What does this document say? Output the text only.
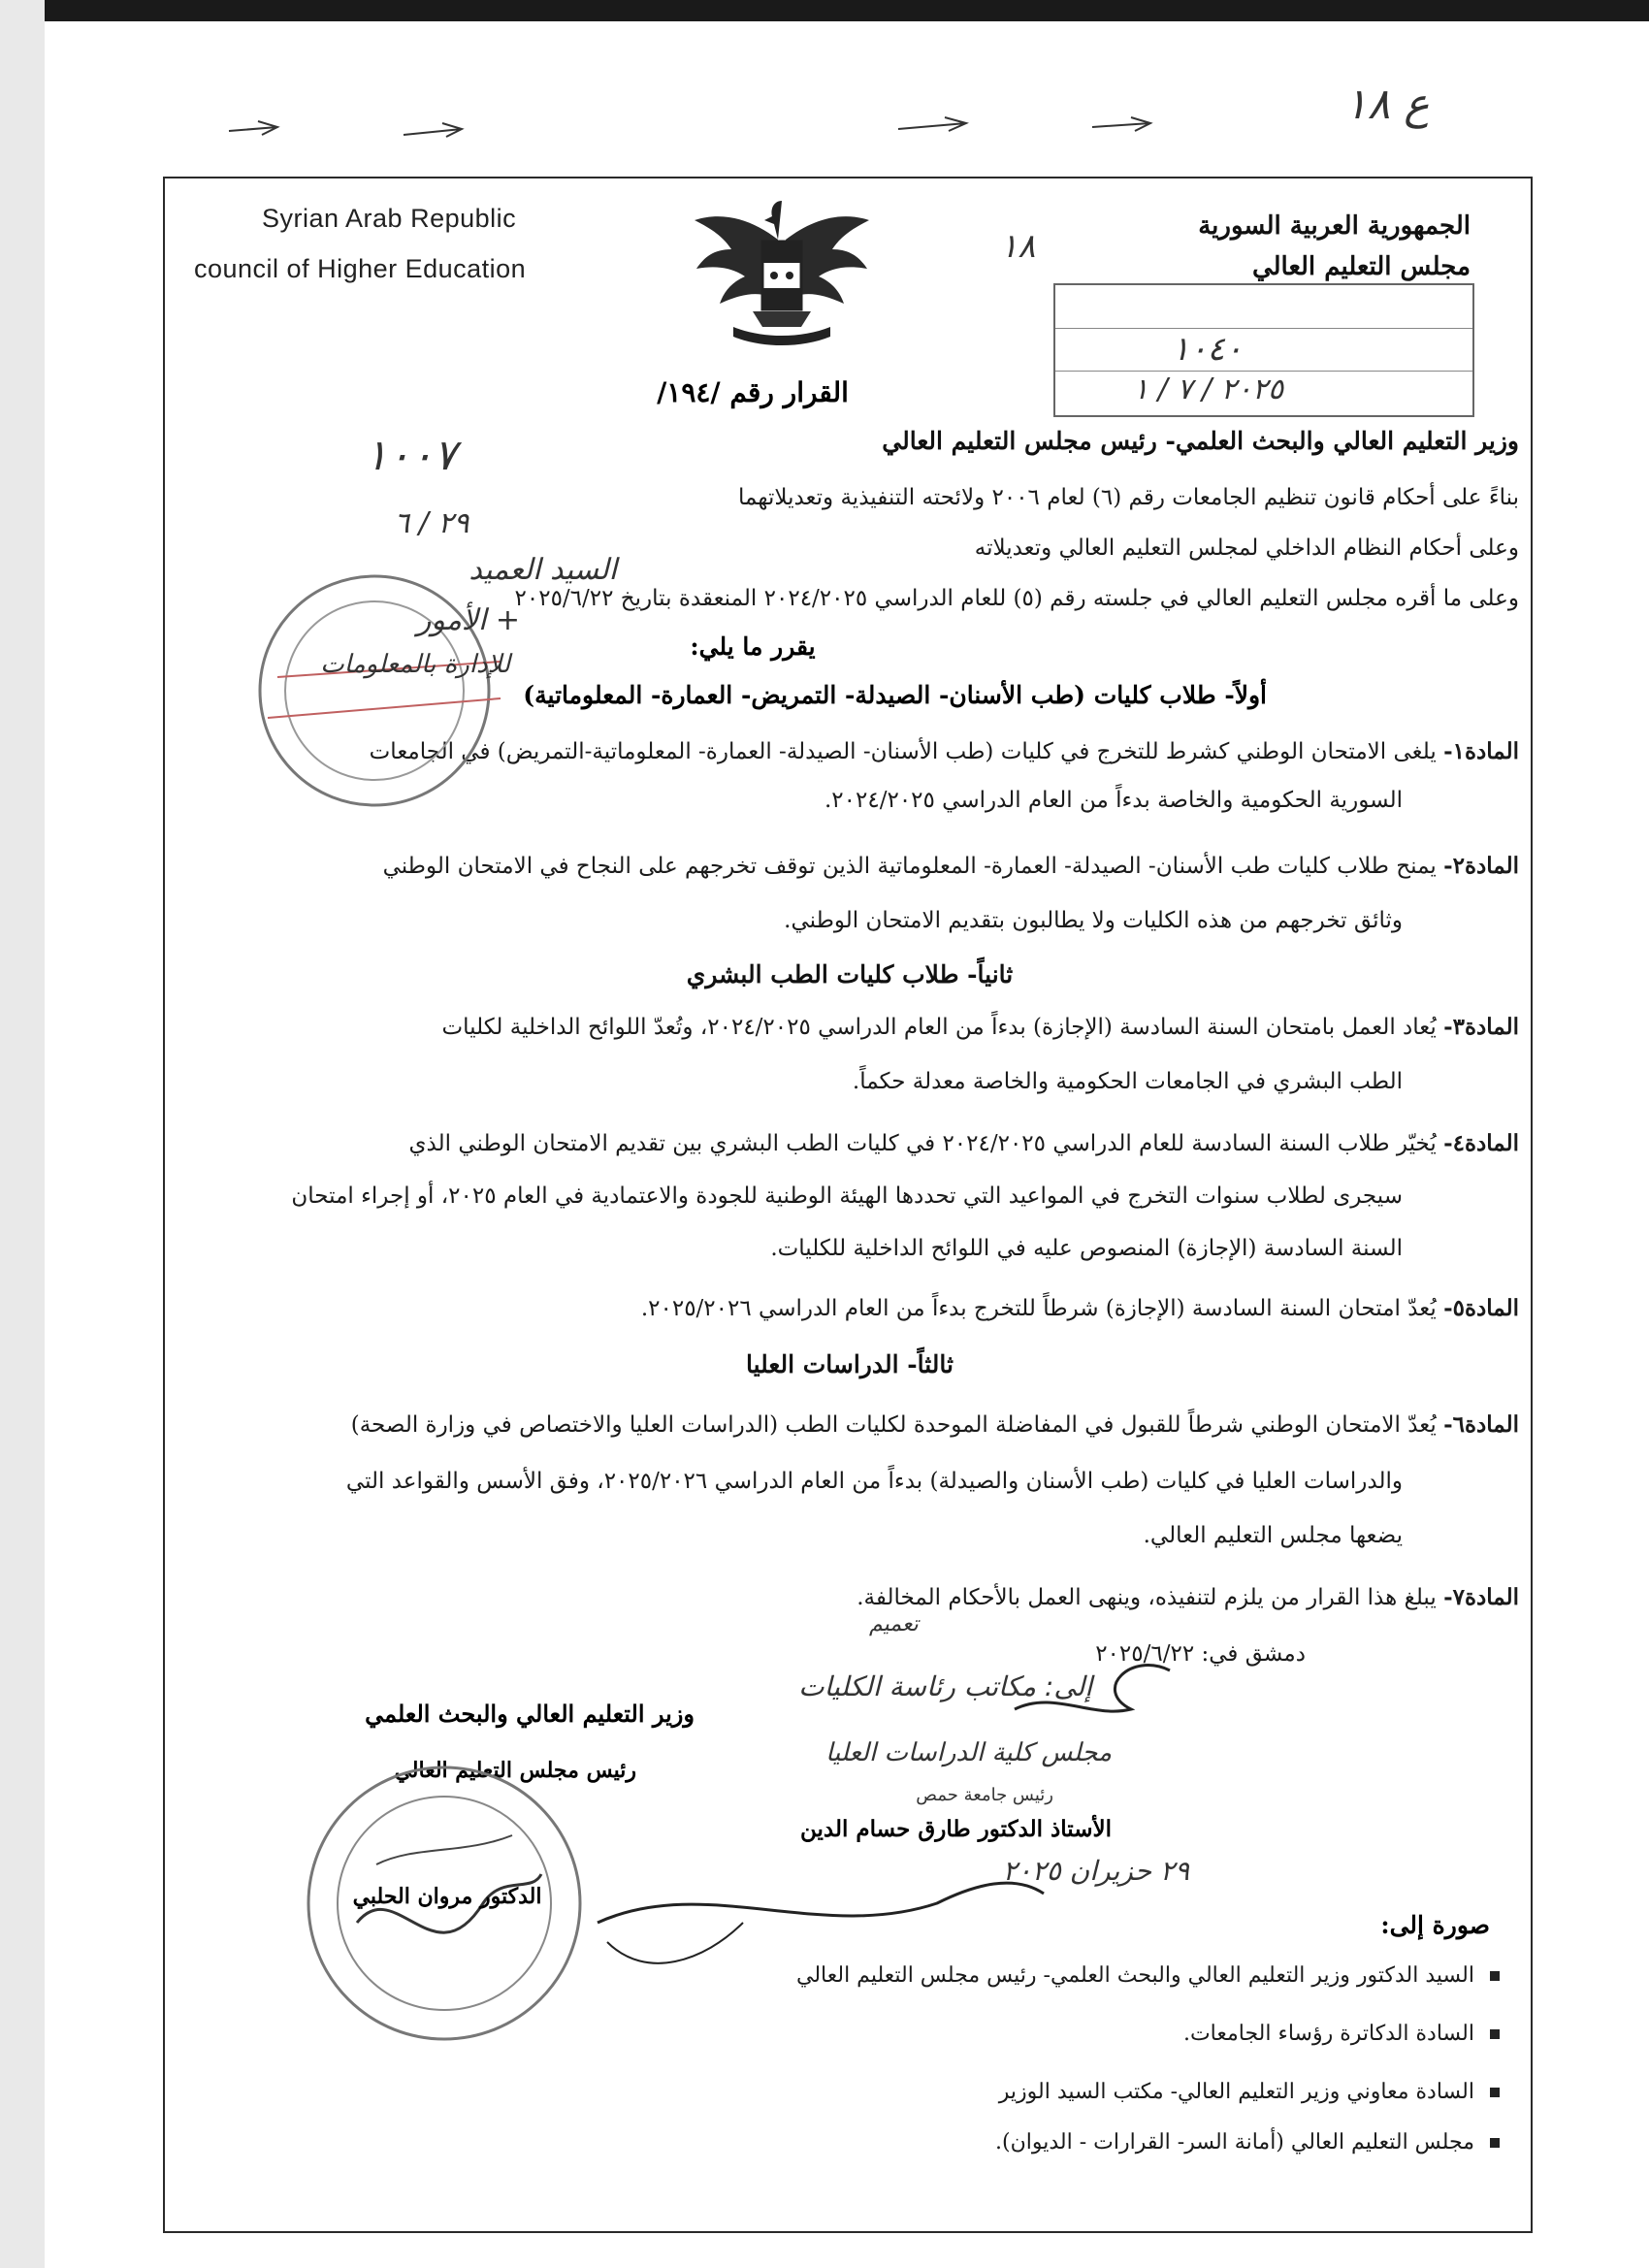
ع ١٨
Syrian Arab Republic
council of Higher Education
الجمهورية العربية السورية
مجلس التعليم العالي
١٨
١٠٤٠
٢٠٢٥ / ٧ / ١
القرار رقم /١٩٤/
وزير التعليم العالي والبحث العلمي- رئيس مجلس التعليم العالي
بناءً على أحكام قانون تنظيم الجامعات رقم (٦) لعام ٢٠٠٦ ولائحته التنفيذية وتعديلاتهما
وعلى أحكام النظام الداخلي لمجلس التعليم العالي وتعديلاته
وعلى ما أقره مجلس التعليم العالي في جلسته رقم (٥) للعام الدراسي ٢٠٢٤/٢٠٢٥ المنعقدة بتاريخ ٢٠٢٥/٦/٢٢
يقرر ما يلي:
أولاً- طلاب كليات (طب الأسنان- الصيدلة- التمريض- العمارة- المعلوماتية)
المادة١- يلغى الامتحان الوطني كشرط للتخرج في كليات (طب الأسنان- الصيدلة- العمارة- المعلوماتية-التمريض) في الجامعات
السورية الحكومية والخاصة بدءاً من العام الدراسي ٢٠٢٤/٢٠٢٥.
المادة٢- يمنح طلاب كليات طب الأسنان- الصيدلة- العمارة- المعلوماتية الذين توقف تخرجهم على النجاح في الامتحان الوطني
وثائق تخرجهم من هذه الكليات ولا يطالبون بتقديم الامتحان الوطني.
ثانياً- طلاب كليات الطب البشري
المادة٣- يُعاد العمل بامتحان السنة السادسة (الإجازة) بدءاً من العام الدراسي ٢٠٢٤/٢٠٢٥، وتُعدّ اللوائح الداخلية لكليات
الطب البشري في الجامعات الحكومية والخاصة معدلة حكماً.
المادة٤- يُخيّر طلاب السنة السادسة للعام الدراسي ٢٠٢٤/٢٠٢٥ في كليات الطب البشري بين تقديم الامتحان الوطني الذي
سيجرى لطلاب سنوات التخرج في المواعيد التي تحددها الهيئة الوطنية للجودة والاعتمادية في العام ٢٠٢٥، أو إجراء امتحان
السنة السادسة (الإجازة) المنصوص عليه في اللوائح الداخلية للكليات.
المادة٥- يُعدّ امتحان السنة السادسة (الإجازة) شرطاً للتخرج بدءاً من العام الدراسي ٢٠٢٥/٢٠٢٦.
ثالثاً- الدراسات العليا
المادة٦- يُعدّ الامتحان الوطني شرطاً للقبول في المفاضلة الموحدة لكليات الطب (الدراسات العليا والاختصاص في وزارة الصحة)
والدراسات العليا في كليات (طب الأسنان والصيدلة) بدءاً من العام الدراسي ٢٠٢٥/٢٠٢٦، وفق الأسس والقواعد التي
يضعها مجلس التعليم العالي.
المادة٧- يبلغ هذا القرار من يلزم لتنفيذه، وينهى العمل بالأحكام المخالفة.
تعميم
دمشق في: ٢٠٢٥/٦/٢٢
إلى: مكاتب رئاسة الكليات
وزير التعليم العالي والبحث العلمي
مجلس كلية الدراسات العليا
رئيس مجلس التعليم العالي
رئيس جامعة حمص
الأستاذ الدكتور طارق حسام الدين
٢٩ حزيران ٢٠٢٥
الدكتور مروان الحلبي
صورة إلى:
السيد الدكتور وزير التعليم العالي والبحث العلمي- رئيس مجلس التعليم العالي
السادة الدكاترة رؤساء الجامعات.
السادة معاوني وزير التعليم العالي- مكتب السيد الوزير
مجلس التعليم العالي (أمانة السر- القرارات - الديوان).
١٠٠٧
٢٩ / ٦
السيد العميد
+ الأمور
للإدارة بالمعلومات
